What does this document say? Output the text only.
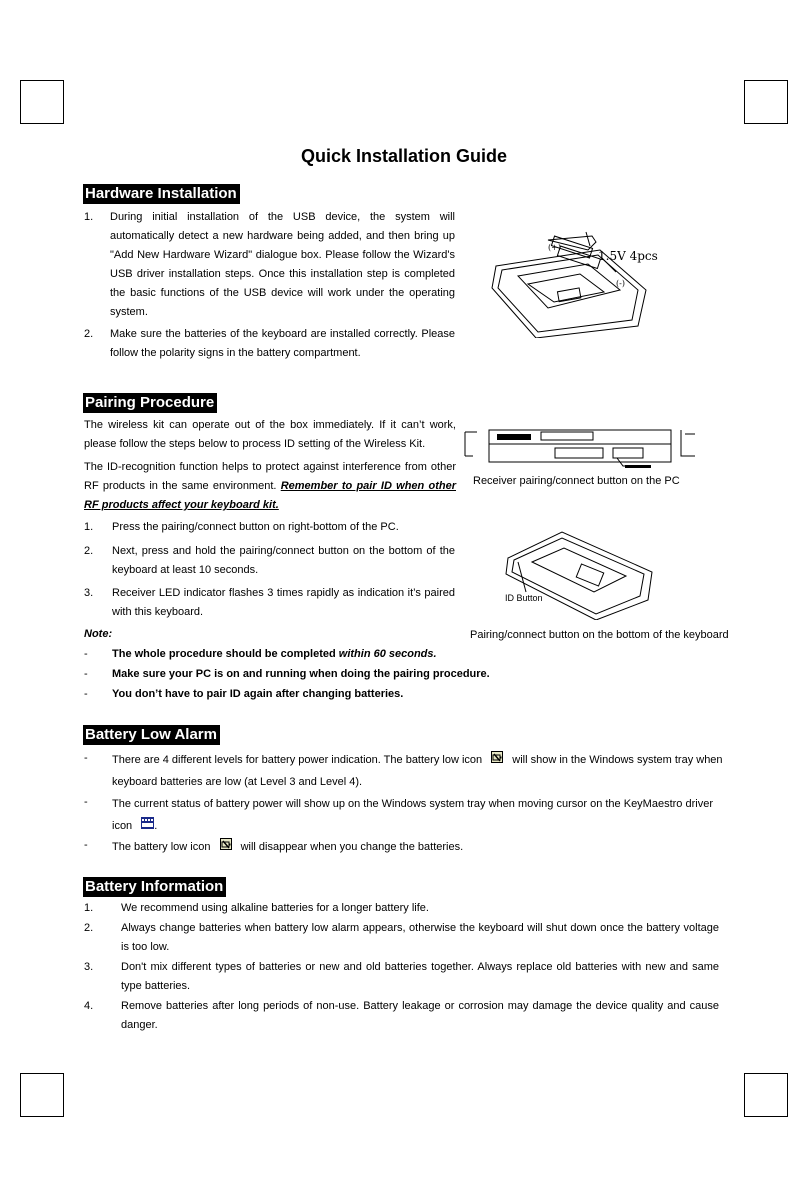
Quick Installation Guide
Hardware Installation
1. During initial installation of the USB device, the system will automatically detect a new hardware being added, and then bring up "Add New Hardware Wizard" dialogue box. Please follow the Wizard's USB driver installation steps. Once this installation step is completed the basic functions of the USB device will work under the operating system.
2. Make sure the batteries of the keyboard are installed correctly. Please follow the polarity signs in the battery compartment.
(+)
(-)
1.5V 4pcs
Pairing Procedure
The wireless kit can operate out of the box immediately. If it can’t work, please follow the steps below to process ID setting of the Wireless Kit.
The ID-recognition function helps to protect against interference from other RF products in the same environment. Remember to pair ID when other RF products affect your keyboard kit.
1. Press the pairing/connect button on right-bottom of the PC.
2. Next, press and hold the pairing/connect button on the bottom of the keyboard at least 10 seconds.
3. Receiver LED indicator flashes 3 times rapidly as indication it’s paired with this keyboard.
Note:
- The whole procedure should be completed within 60 seconds.
- Make sure your PC is on and running when doing the pairing procedure.
- You don’t have to pair ID again after changing batteries.
Receiver pairing/connect button on the PC
ID Button
Pairing/connect button on the bottom of the keyboard
Battery Low Alarm
- There are 4 different levels for battery power indication. The battery low icon	will show in the Windows system tray when keyboard batteries are low (at Level 3 and Level 4).
- The current status of battery power will show up on the Windows system tray when moving cursor on the KeyMaestro driver icon .
- The battery low icon	will disappear when you change the batteries.
Battery Information
1.	We recommend using alkaline batteries for a longer battery life.
2.	Always change batteries when battery low alarm appears, otherwise the keyboard will shut down once the battery voltage is too low.
3.	Don't mix different types of batteries or new and old batteries together. Always replace old batteries with new and same type batteries.
4.	Remove batteries after long periods of non-use. Battery leakage or corrosion may damage the device quality and cause danger.
